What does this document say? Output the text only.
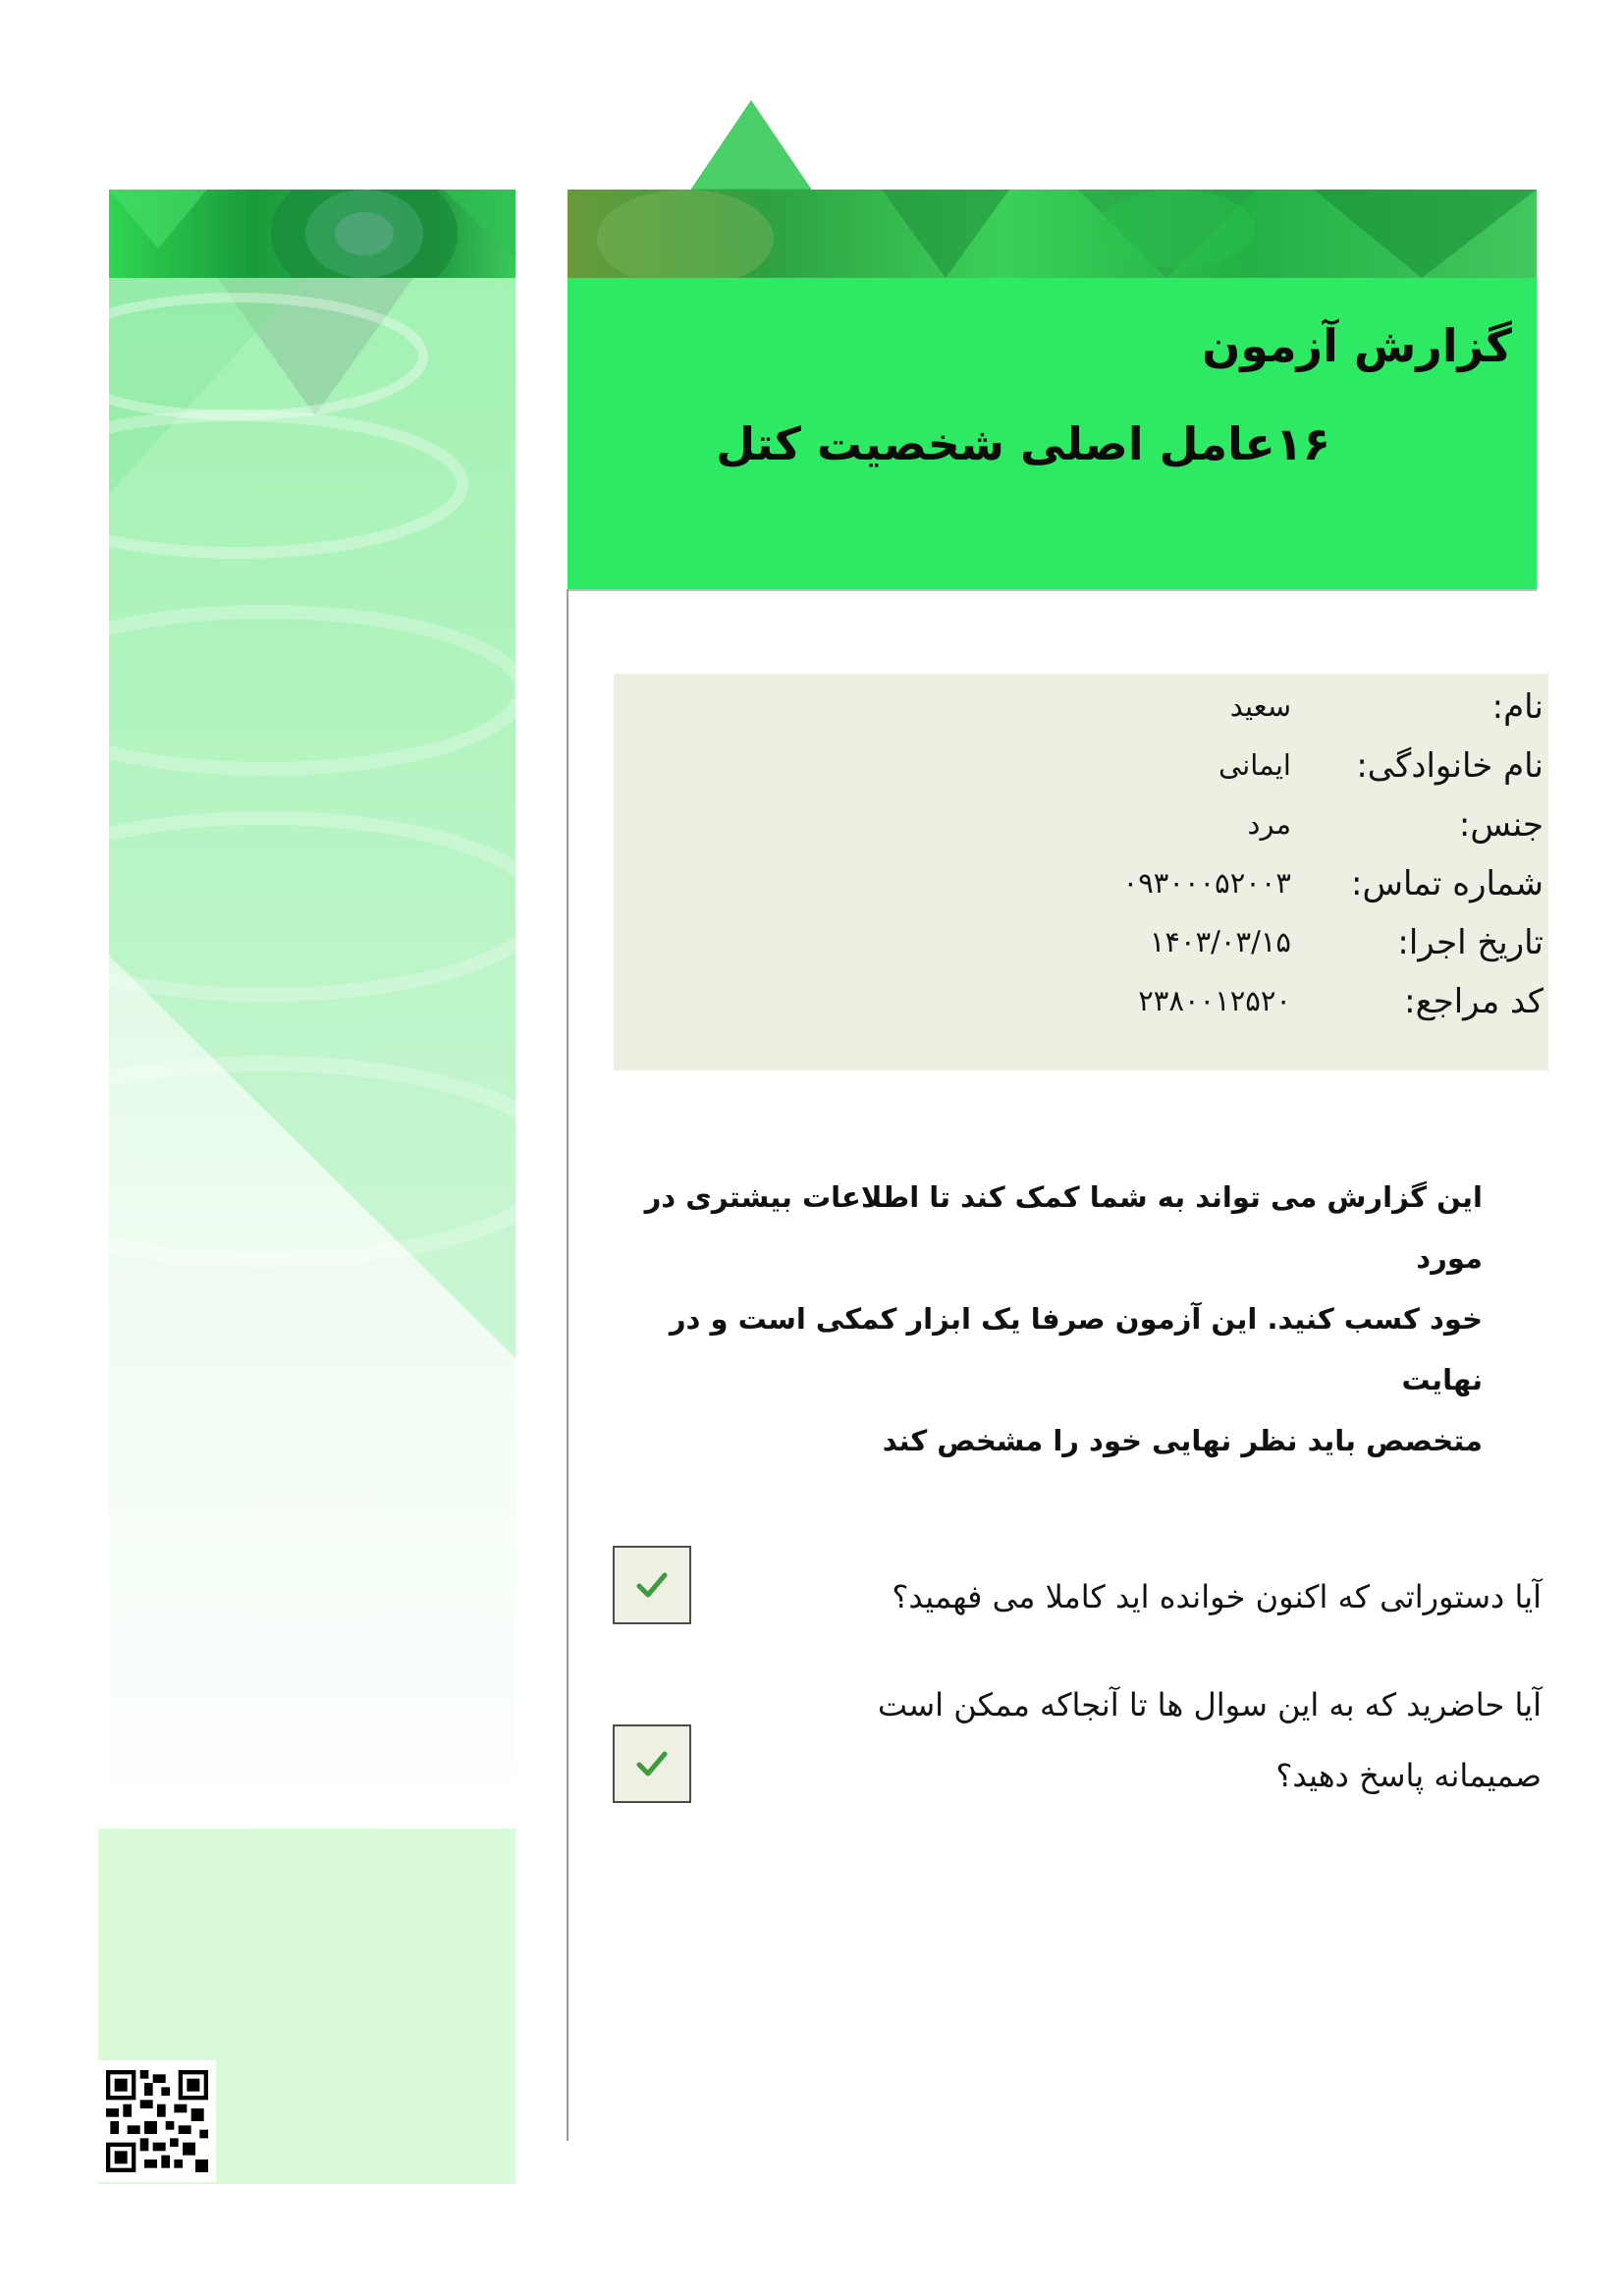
گزارش آزمون
۱۶عامل اصلی شخصیت کتل
نام:
سعید
نام خانوادگی:
ایمانی
جنس:
مرد
شماره تماس:
۰۹۳۰۰۰۵۲۰۰۳
تاریخ اجرا:
۱۴۰۳/۰۳/۱۵
کد مراجع:
۲۳۸۰۰۱۲۵۲۰
این گزارش می تواند به شما کمک کند تا اطلاعات بیشتری در مورد
خود کسب کنید. این آزمون صرفا یک ابزار کمکی است و در نهایت
متخصص باید نظر نهایی خود را مشخص کند
آیا دستوراتی که اکنون خوانده اید کاملا می فهمید؟
آیا حاضرید که به این سوال ها تا آنجاکه ممکن است
صمیمانه پاسخ دهید؟
